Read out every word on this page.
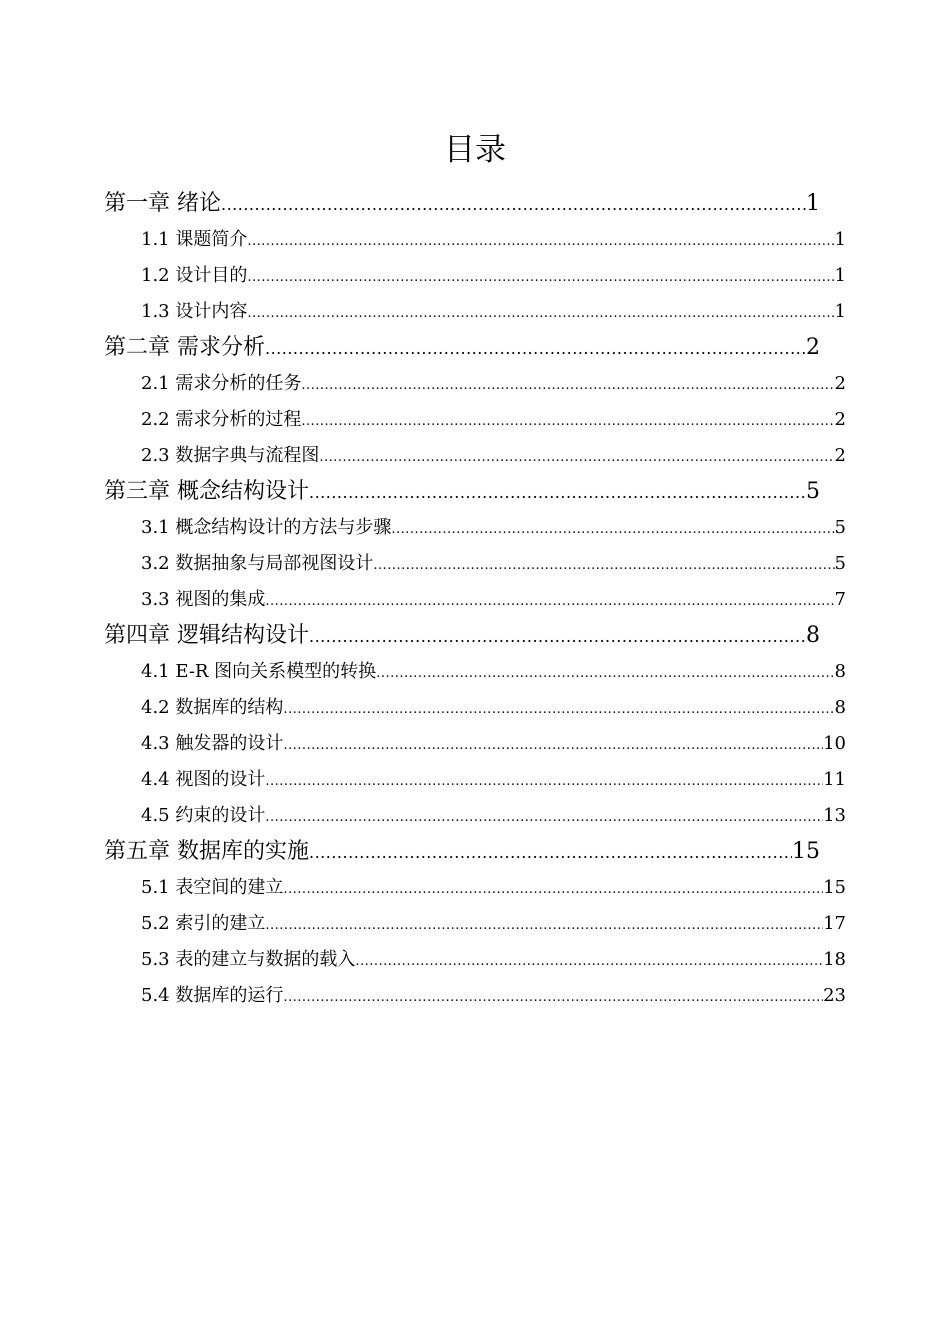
目录
第一章 绪论 .....	1
1.1 课题简介 .....	1
1.2 设计目的 .....	1
1.3 设计内容 .....	1
第二章 需求分析 .....	2
2.1 需求分析的任务 .....	2
2.2 需求分析的过程 .....	2
2.3 数据字典与流程图 .....	2
第三章 概念结构设计 .....	5
3.1 概念结构设计的方法与步骤 .....	5
3.2 数据抽象与局部视图设计 .....	5
3.3 视图的集成 .....	7
第四章 逻辑结构设计 .....	8
4.1 E-R 图向关系模型的转换 .....	8
4.2 数据库的结构 .....	8
4.3 触发器的设计 .....	10
4.4 视图的设计 .....	11
4.5 约束的设计 .....	13
第五章 数据库的实施 .....	15
5.1 表空间的建立 .....	15
5.2 索引的建立 .....	17
5.3 表的建立与数据的载入 .....	18
5.4 数据库的运行 .....	23
